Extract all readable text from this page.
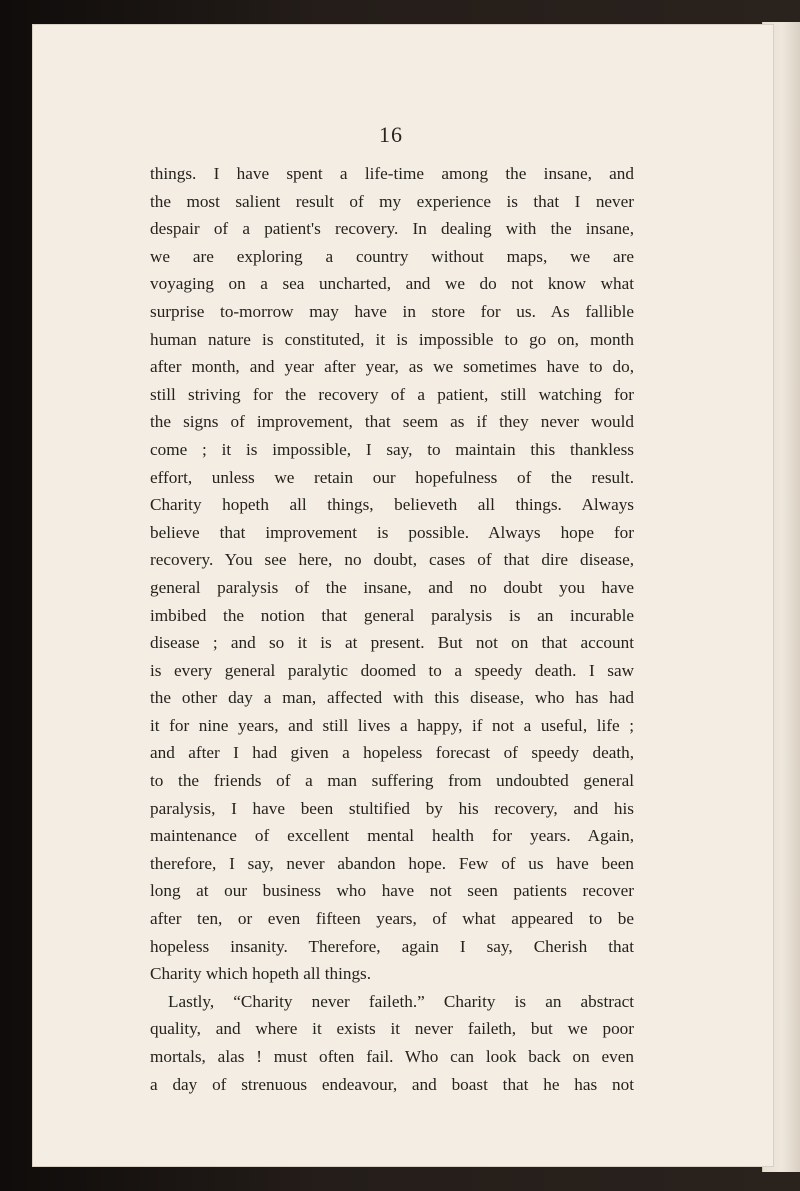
16
things. I have spent a life-time among the insane, and
the most salient result of my experience is that I never
despair of a patient's recovery. In dealing with the insane,
we are exploring a country without maps, we are
voyaging on a sea uncharted, and we do not know what
surprise to-morrow may have in store for us. As fallible
human nature is constituted, it is impossible to go on, month
after month, and year after year, as we sometimes have to do,
still striving for the recovery of a patient, still watching for
the signs of improvement, that seem as if they never would
come ; it is impossible, I say, to maintain this thankless
effort, unless we retain our hopefulness of the result.
Charity hopeth all things, believeth all things. Always
believe that improvement is possible. Always hope for
recovery. You see here, no doubt, cases of that dire disease,
general paralysis of the insane, and no doubt you have
imbibed the notion that general paralysis is an incurable
disease ; and so it is at present. But not on that account
is every general paralytic doomed to a speedy death. I saw
the other day a man, affected with this disease, who has had
it for nine years, and still lives a happy, if not a useful, life ;
and after I had given a hopeless forecast of speedy death,
to the friends of a man suffering from undoubted general
paralysis, I have been stultified by his recovery, and his
maintenance of excellent mental health for years. Again,
therefore, I say, never abandon hope. Few of us have been
long at our business who have not seen patients recover
after ten, or even fifteen years, of what appeared to be
hopeless insanity. Therefore, again I say, Cherish that
Charity which hopeth all things.
Lastly, “Charity never faileth.” Charity is an abstract
quality, and where it exists it never faileth, but we poor
mortals, alas ! must often fail. Who can look back on even
a day of strenuous endeavour, and boast that he has not
